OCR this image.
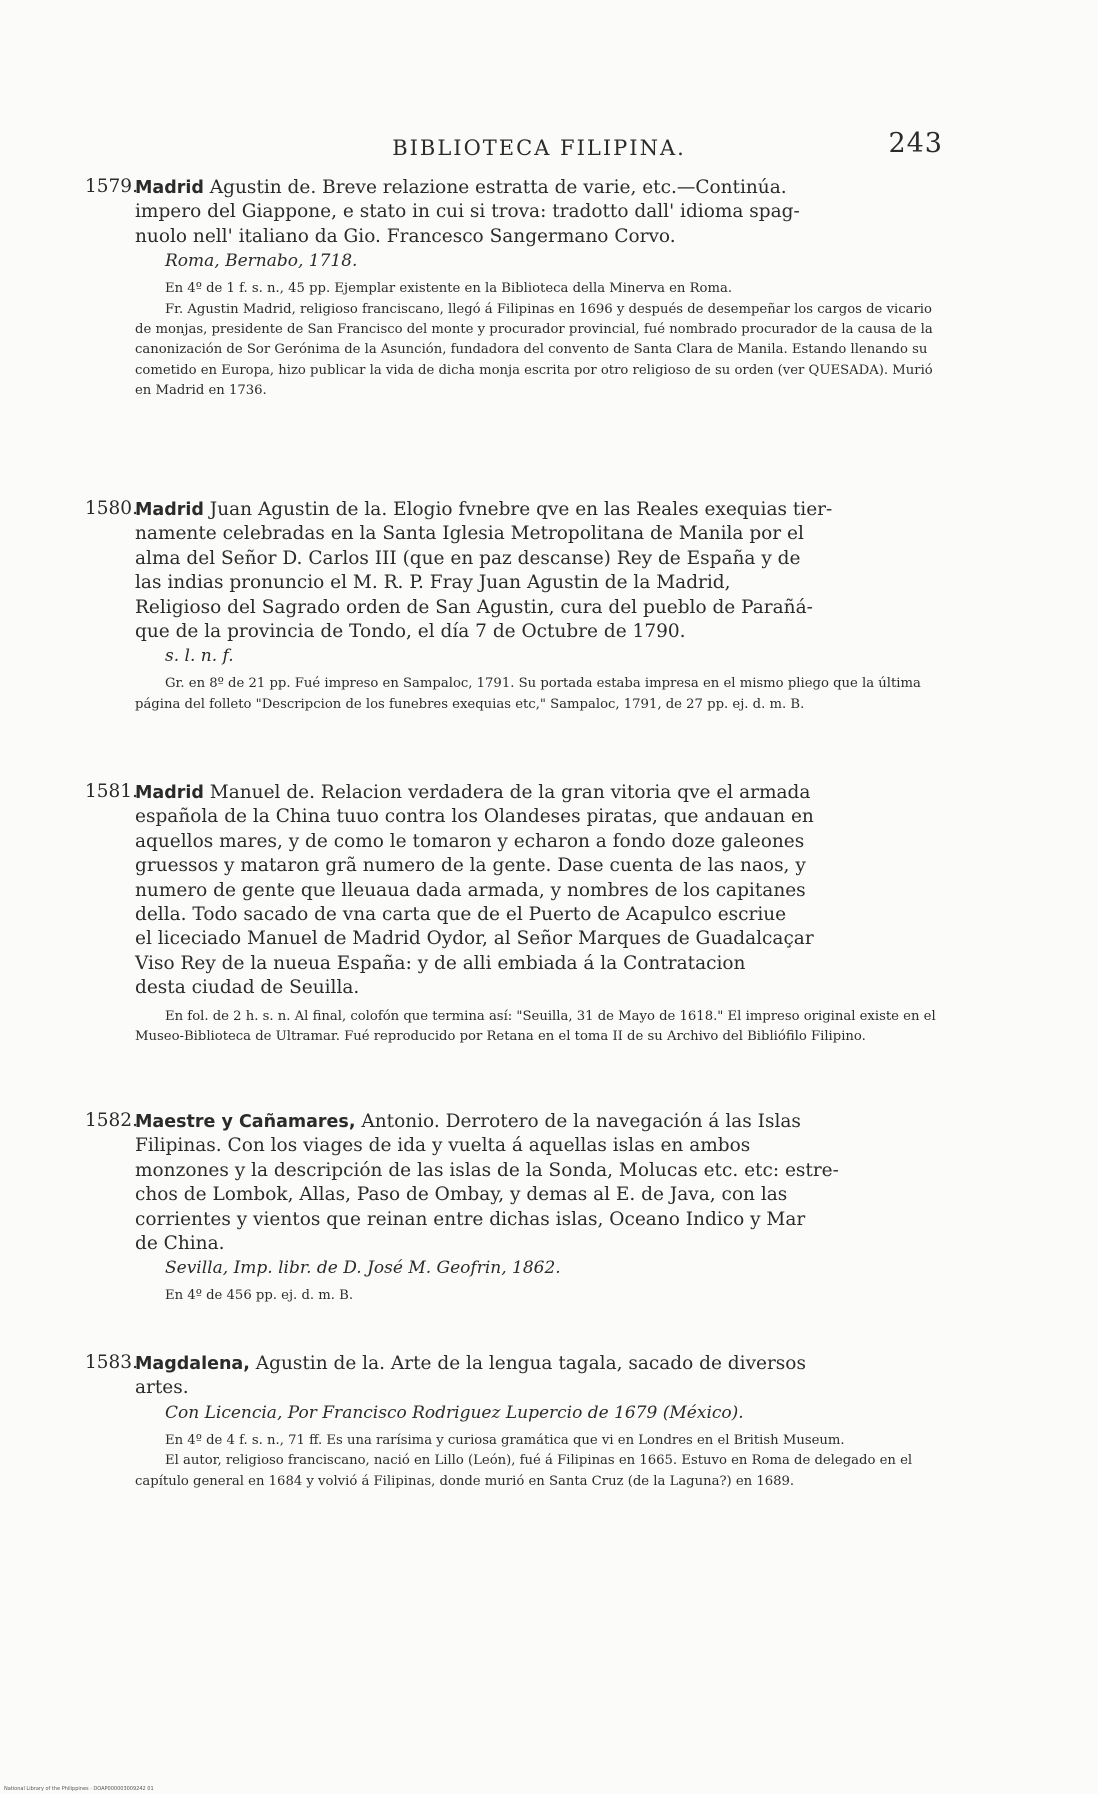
BIBLIOTECA FILIPINA.	243
1579.
Madrid Agustin de. Breve relazione estratta de varie, etc.—Continúa.
impero del Giappone, e stato in cui si trova: tradotto dall' idioma spag-
nuolo nell' italiano da Gio. Francesco Sangermano Corvo.
Roma, Bernabo, 1718.

En 4º de 1 f. s. n., 45 pp. Ejemplar existente en la Biblioteca della Minerva en Roma.

Fr. Agustin Madrid, religioso franciscano, llegó á Filipinas en 1696 y después de desempeñar los cargos de vicario de monjas, presidente de San Francisco del monte y procurador provincial, fué nombrado procurador de la causa de la canonización de Sor Gerónima de la Asunción, fundadora del convento de Santa Clara de Manila. Estando llenando su cometido en Europa, hizo publicar la vida de dicha monja escrita por otro religioso de su orden (ver QUESADA). Murió en Madrid en 1736.

1580.
Madrid Juan Agustin de la. Elogio fvnebre qve en las Reales exequias tier-
namente celebradas en la Santa Iglesia Metropolitana de Manila por el
alma del Señor D. Carlos III (que en paz descanse) Rey de España y de
las indias pronuncio el M. R. P. Fray Juan Agustin de la Madrid,
Religioso del Sagrado orden de San Agustin, cura del pueblo de Parañá-
que de la provincia de Tondo, el día 7 de Octubre de 1790.
s. l. n. f.

Gr. en 8º de 21 pp. Fué impreso en Sampaloc, 1791. Su portada estaba impresa en el mismo pliego que la última página del folleto "Descripcion de los funebres exequias etc," Sampaloc, 1791, de 27 pp. ej. d. m. B.

1581.
Madrid Manuel de. Relacion verdadera de la gran vitoria qve el armada
española de la China tuuo contra los Olandeses piratas, que andauan en
aquellos mares, y de como le tomaron y echaron a fondo doze galeones
gruessos y mataron grã numero de la gente. Dase cuenta de las naos, y
numero de gente que lleuaua dada armada, y nombres de los capitanes
della. Todo sacado de vna carta que de el Puerto de Acapulco escriue
el liceciado Manuel de Madrid Oydor, al Señor Marques de Guadalcaçar
Viso Rey de la nueua España: y de alli embiada á la Contratacion
desta ciudad de Seuilla.

En fol. de 2 h. s. n. Al final, colofón que termina así: "Seuilla, 31 de Mayo de 1618." El impreso original existe en el Museo-Biblioteca de Ultramar. Fué reproducido por Retana en el toma II de su Archivo del Bibliófilo Filipino.

1582.
Maestre y Cañamares, Antonio. Derrotero de la navegación á las Islas
Filipinas. Con los viages de ida y vuelta á aquellas islas en ambos
monzones y la descripción de las islas de la Sonda, Molucas etc. etc: estre-
chos de Lombok, Allas, Paso de Ombay, y demas al E. de Java, con las
corrientes y vientos que reinan entre dichas islas, Oceano Indico y Mar
de China.
Sevilla, Imp. libr. de D. José M. Geofrin, 1862.

En 4º de 456 pp. ej. d. m. B.

1583.
Magdalena, Agustin de la. Arte de la lengua tagala, sacado de diversos
artes.
Con Licencia, Por Francisco Rodriguez Lupercio de 1679 (México).

En 4º de 4 f. s. n., 71 ff. Es una rarísima y curiosa gramática que vi en Londres en el British Museum.

El autor, religioso franciscano, nació en Lillo (León), fué á Filipinas en 1665. Estuvo en Roma de delegado en el capítulo general en 1684 y volvió á Filipinas, donde murió en Santa Cruz (de la Laguna?) en 1689.

National Library of the Philippines · DOAP000003009242 01
